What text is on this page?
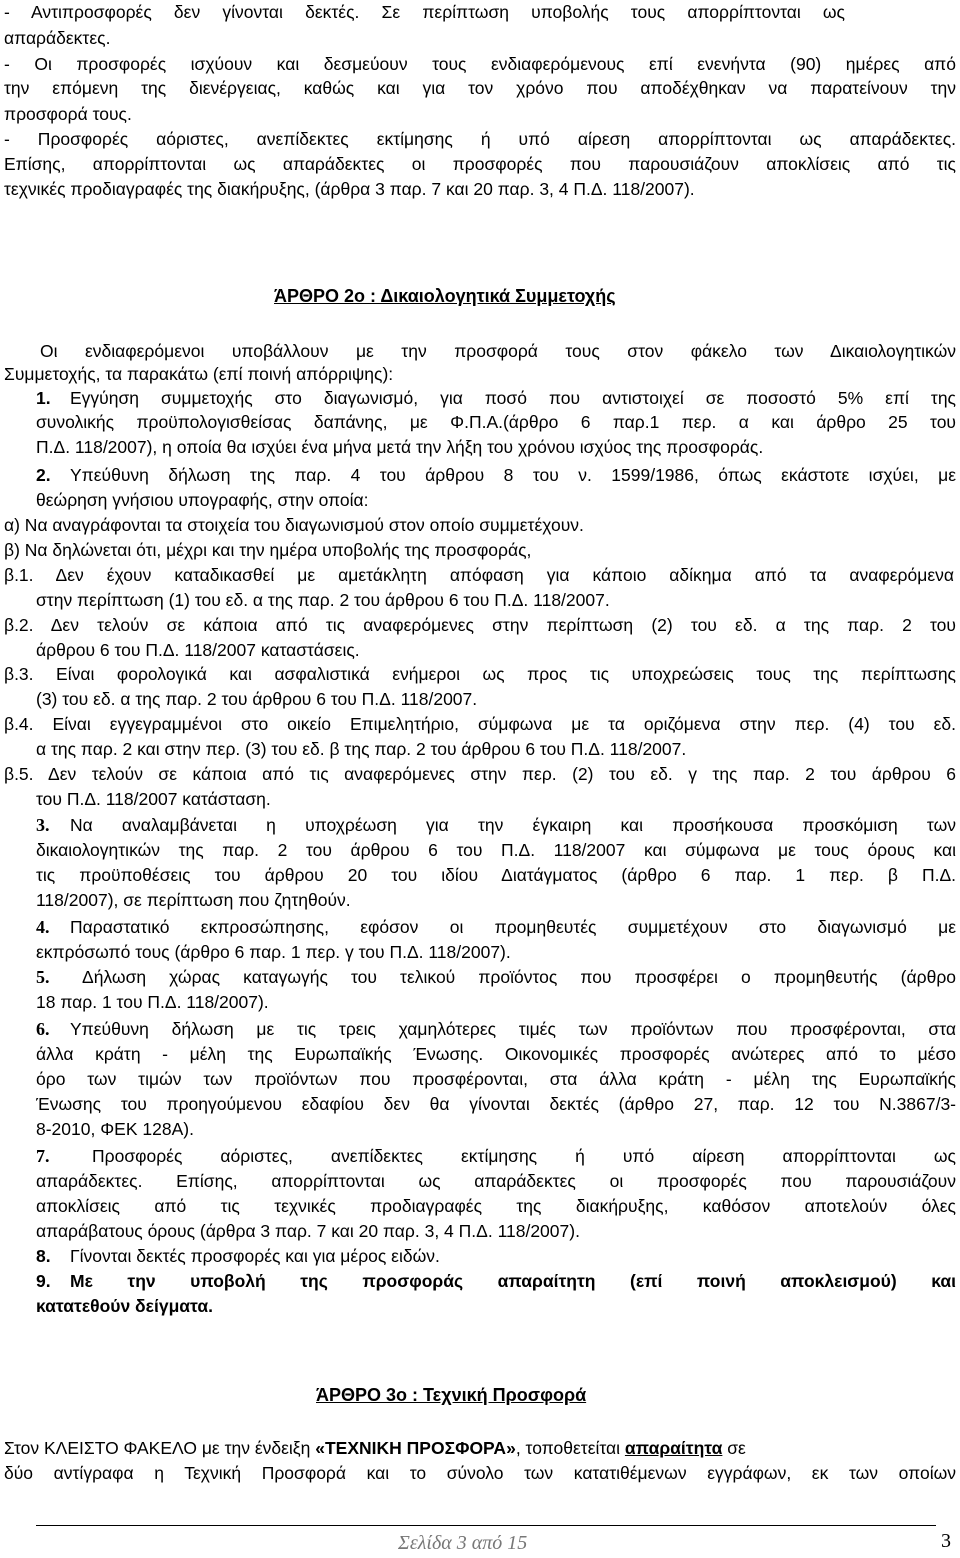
- Αντιπροσφορές δεν γίνονται δεκτές. Σε περίπτωση υποβολής τους απορρίπτονται ως
απαράδεκτες.
- Οι προσφορές ισχύουν και δεσμεύουν τους ενδιαφερόμενους επί ενενήντα (90) ημέρες από
την επόμενη της διενέργειας, καθώς και για τον χρόνο που αποδέχθηκαν να παρατείνουν την
προσφορά τους.
- Προσφορές αόριστες, ανεπίδεκτες εκτίμησης ή υπό αίρεση απορρίπτονται ως απαράδεκτες.
Επίσης, απορρίπτονται ως απαράδεκτες οι προσφορές που παρουσιάζουν αποκλίσεις από τις
τεχνικές προδιαγραφές της διακήρυξης, (άρθρα 3 παρ. 7 και 20 παρ. 3, 4 Π.Δ. 118/2007).
ΆΡΘΡΟ 2ο : Δικαιολογητικά Συμμετοχής
Οι ενδιαφερόμενοι υποβάλλουν με την προσφορά τους στον φάκελο των Δικαιολογητικών
Συμμετοχής, τα παρακάτω (επί ποινή απόρριψης):
1. Εγγύηση συμμετοχής στο διαγωνισμό, για ποσό που αντιστοιχεί σε ποσοστό 5% επί της
συνολικής προϋπολογισθείσας δαπάνης, με Φ.Π.Α.(άρθρο 6 παρ.1 περ. α και άρθρο 25 του
Π.Δ. 118/2007), η οποία θα ισχύει ένα μήνα μετά την λήξη του χρόνου ισχύος της προσφοράς.
2. Υπεύθυνη δήλωση της παρ. 4 του άρθρου 8 του ν. 1599/1986, όπως εκάστοτε ισχύει, με
θεώρηση γνήσιου υπογραφής, στην οποία:
α) Να αναγράφονται τα στοιχεία του διαγωνισμού στον οποίο συμμετέχουν.
β) Να δηλώνεται ότι, μέχρι και την ημέρα υποβολής της προσφοράς,
β.1. Δεν έχουν καταδικασθεί με αμετάκλητη απόφαση για κάποιο αδίκημα από τα αναφερόμενα
στην περίπτωση (1) του εδ. α της παρ. 2 του άρθρου 6 του Π.Δ. 118/2007.
β.2. Δεν τελούν σε κάποια από τις αναφερόμενες στην περίπτωση (2) του εδ. α της παρ. 2 του
άρθρου 6 του Π.Δ. 118/2007 καταστάσεις.
β.3. Είναι φορολογικά και ασφαλιστικά ενήμεροι ως προς τις υποχρεώσεις τους της περίπτωσης
(3) του εδ. α της παρ. 2 του άρθρου 6 του Π.Δ. 118/2007.
β.4. Είναι εγγεγραμμένοι στο οικείο Επιμελητήριο, σύμφωνα με τα οριζόμενα στην περ. (4) του εδ.
α της παρ. 2 και στην περ. (3) του εδ. β της παρ. 2 του άρθρου 6 του Π.Δ. 118/2007.
β.5. Δεν τελούν σε κάποια από τις αναφερόμενες στην περ. (2) του εδ. γ της παρ. 2 του άρθρου 6
του Π.Δ. 118/2007 κατάσταση.
3. Να αναλαμβάνεται η υποχρέωση για την έγκαιρη και προσήκουσα προσκόμιση των
δικαιολογητικών της παρ. 2 του άρθρου 6 του Π.Δ. 118/2007 και σύμφωνα με τους όρους και
τις προϋποθέσεις του άρθρου 20 του ιδίου Διατάγματος (άρθρο 6 παρ. 1 περ. β Π.Δ.
118/2007), σε περίπτωση που ζητηθούν.
4. Παραστατικό εκπροσώπησης, εφόσον οι προμηθευτές συμμετέχουν στο διαγωνισμό με
εκπρόσωπό τους (άρθρο 6 παρ. 1 περ. γ του Π.Δ. 118/2007).
5. Δήλωση χώρας καταγωγής του τελικού προϊόντος που προσφέρει ο προμηθευτής (άρθρο
18 παρ. 1 του Π.Δ. 118/2007).
6. Υπεύθυνη δήλωση με τις τρεις χαμηλότερες τιμές των προϊόντων που προσφέρονται, στα
άλλα κράτη - μέλη της Ευρωπαϊκής Ένωσης. Οικονομικές προσφορές ανώτερες από το μέσο
όρο των τιμών των προϊόντων που προσφέρονται, στα άλλα κράτη - μέλη της Ευρωπαϊκής
Ένωσης του προηγούμενου εδαφίου δεν θα γίνονται δεκτές (άρθρο 27, παρ. 12 του Ν.3867/3-
8-2010, ΦΕΚ 128Α).
7. Προσφορές αόριστες, ανεπίδεκτες εκτίμησης ή υπό αίρεση απορρίπτονται ως
απαράδεκτες. Επίσης, απορρίπτονται ως απαράδεκτες οι προσφορές που παρουσιάζουν
αποκλίσεις από τις τεχνικές προδιαγραφές της διακήρυξης, καθόσον αποτελούν όλες
απαράβατους όρους (άρθρα 3 παρ. 7 και 20 παρ. 3, 4 Π.Δ. 118/2007).
8. Γίνονται δεκτές προσφορές και για μέρος ειδών.
9. Με την υποβολή της προσφοράς απαραίτητη (επί ποινή αποκλεισμού) και
κατατεθούν δείγματα.
ΆΡΘΡΟ 3ο : Τεχνική Προσφορά
Στον ΚΛΕΙΣΤΟ ΦΑΚΕΛΟ με την ένδειξη «ΤΕΧΝΙΚΗ ΠΡΟΣΦΟΡΑ», τοποθετείται απαραίτητα σε
δύο αντίγραφα η Τεχνική Προσφορά και το σύνολο των κατατιθέμενων εγγράφων, εκ των οποίων
Σελίδα 3 από 15	3
